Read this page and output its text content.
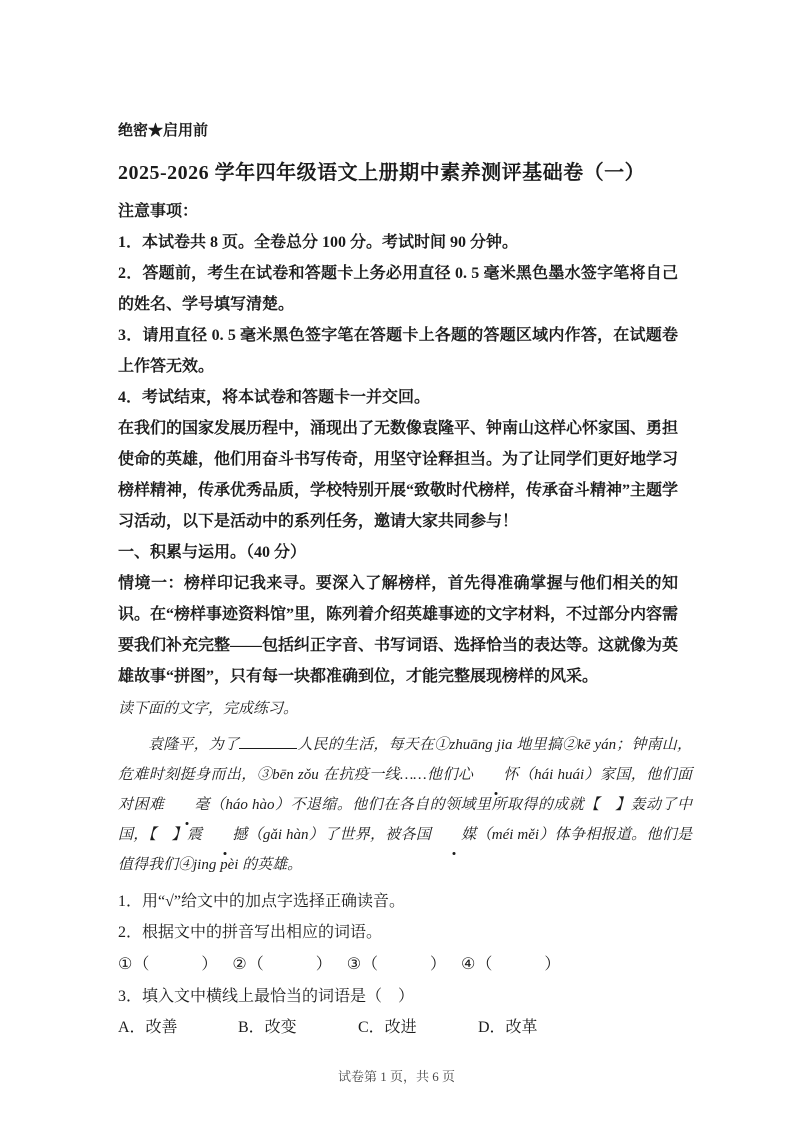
绝密★启用前

2025-2026 学年四年级语文上册期中素养测评基础卷（一）

注意事项：

1．本试卷共 8 页。全卷总分 100 分。考试时间 90 分钟。

2．答题前，考生在试卷和答题卡上务必用直径 0. 5 毫米黑色墨水签字笔将自己的姓名、学号填写清楚。

3．请用直径 0. 5 毫米黑色签字笔在答题卡上各题的答题区域内作答，在试题卷上作答无效。

4．考试结束，将本试卷和答题卡一并交回。

在我们的国家发展历程中，涌现出了无数像袁隆平、钟南山这样心怀家国、勇担使命的英雄，他们用奋斗书写传奇，用坚守诠释担当。为了让同学们更好地学习榜样精神，传承优秀品质，学校特别开展“致敬时代榜样，传承奋斗精神”主题学习活动，以下是活动中的系列任务，邀请大家共同参与！

一、积累与运用。（40 分）

情境一：榜样印记我来寻。要深入了解榜样，首先得准确掌握与他们相关的知识。在“榜样事迹资料馆”里，陈列着介绍英雄事迹的文字材料，不过部分内容需要我们补充完整——包括纠正字音、书写词语、选择恰当的表达等。这就像为英雄故事“拼图”，只有每一块都准确到位，才能完整展现榜样的风采。

读下面的文字，完成练习。

袁隆平，为了	人民的生活，每天在①zhuāng jia 地里搞②kē yán；钟南山，危难时刻挺身而出，③bēn zǒu 在抗疫一线……他们心 怀（hái huái）家国，他们面对困难 毫（háo hào）不退缩。他们在各自的领域里所取得的成就【　】轰动了中国，【　】震 撼（gǎi hàn）了世界，被各国 媒（méi měi）体争相报道。他们是值得我们④jing pèi 的英雄。

1．用“√”给文中的加点字选择正确读音。

2．根据文中的拼音写出相应的词语。

①（　　　）　 ②（　　　）　 ③（　　　）　 ④（　　　）

3．填入文中横线上最恰当的词语是（　）

A．改善	B．改变	C．改进	D．改革

试卷第 1 页，共 6 页
